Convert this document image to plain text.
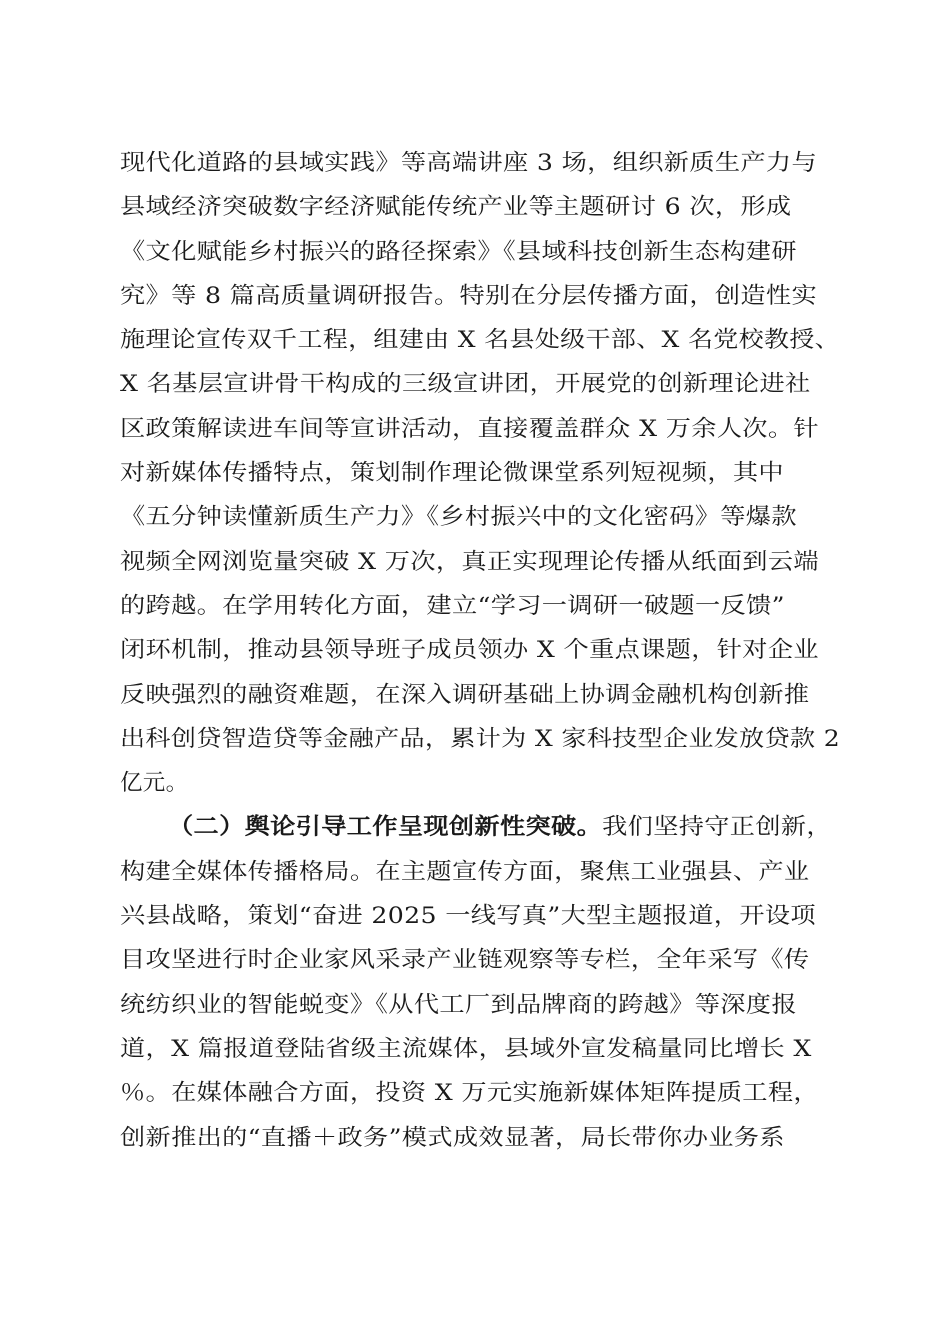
现代化道路的县域实践》等高端讲座 3 场，组织新质生产力与
县域经济突破数字经济赋能传统产业等主题研讨 6 次，形成
《文化赋能乡村振兴的路径探索》《县域科技创新生态构建研
究》等 8 篇高质量调研报告。特别在分层传播方面，创造性实
施理论宣传双千工程，组建由 X 名县处级干部、X 名党校教授、
X 名基层宣讲骨干构成的三级宣讲团，开展党的创新理论进社
区政策解读进车间等宣讲活动，直接覆盖群众 X 万余人次。针
对新媒体传播特点，策划制作理论微课堂系列短视频，其中
《五分钟读懂新质生产力》《乡村振兴中的文化密码》等爆款
视频全网浏览量突破 X 万次，真正实现理论传播从纸面到云端
的跨越。在学用转化方面，建立“学习一调研一破题一反馈”
闭环机制，推动县领导班子成员领办 X 个重点课题，针对企业
反映强烈的融资难题，在深入调研基础上协调金融机构创新推
出科创贷智造贷等金融产品，累计为 X 家科技型企业发放贷款 2
亿元。
（二）舆论引导工作呈现创新性突破。我们坚持守正创新，
构建全媒体传播格局。在主题宣传方面，聚焦工业强县、产业
兴县战略，策划“奋进 2025 一线写真”大型主题报道，开设项
目攻坚进行时企业家风采录产业链观察等专栏，全年采写《传
统纺织业的智能蜕变》《从代工厂到品牌商的跨越》等深度报
道，X 篇报道登陆省级主流媒体，县域外宣发稿量同比增长 X
％。在媒体融合方面，投资 X 万元实施新媒体矩阵提质工程，
创新推出的“直播＋政务”模式成效显著，局长带你办业务系
